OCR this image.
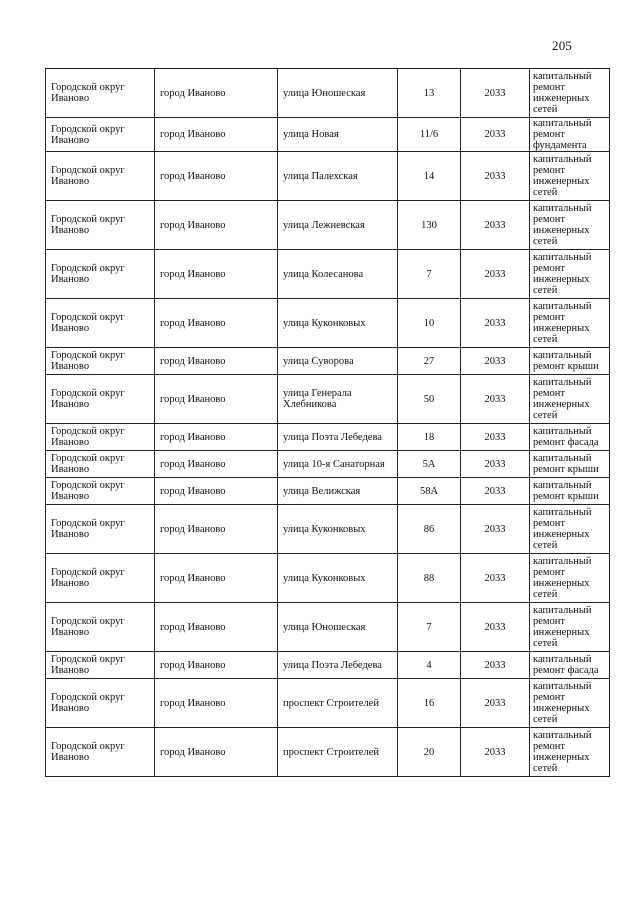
205
Городской округ Иваново	город Иваново	улица Юношеская	13	2033	капитальный ремонт инженерных сетей
Городской округ Иваново	город Иваново	улица Новая	11/6	2033	капитальный ремонт фундамента
Городской округ Иваново	город Иваново	улица Палехская	14	2033	капитальный ремонт инженерных сетей
Городской округ Иваново	город Иваново	улица Лежневская	130	2033	капитальный ремонт инженерных сетей
Городской округ Иваново	город Иваново	улица Колесанова	7	2033	капитальный ремонт инженерных сетей
Городской округ Иваново	город Иваново	улица Куконковых	10	2033	капитальный ремонт инженерных сетей
Городской округ Иваново	город Иваново	улица Суворова	27	2033	капитальный ремонт крыши
Городской округ Иваново	город Иваново	улица Генерала Хлебникова	50	2033	капитальный ремонт инженерных сетей
Городской округ Иваново	город Иваново	улица Поэта Лебедева	18	2033	капитальный ремонт фасада
Городской округ Иваново	город Иваново	улица 10-я Санаторная	5А	2033	капитальный ремонт крыши
Городской округ Иваново	город Иваново	улица Велижская	58А	2033	капитальный ремонт крыши
Городской округ Иваново	город Иваново	улица Куконковых	86	2033	капитальный ремонт инженерных сетей
Городской округ Иваново	город Иваново	улица Куконковых	88	2033	капитальный ремонт инженерных сетей
Городской округ Иваново	город Иваново	улица Юношеская	7	2033	капитальный ремонт инженерных сетей
Городской округ Иваново	город Иваново	улица Поэта Лебедева	4	2033	капитальный ремонт фасада
Городской округ Иваново	город Иваново	проспект Строителей	16	2033	капитальный ремонт инженерных сетей
Городской округ Иваново	город Иваново	проспект Строителей	20	2033	капитальный ремонт инженерных сетей
